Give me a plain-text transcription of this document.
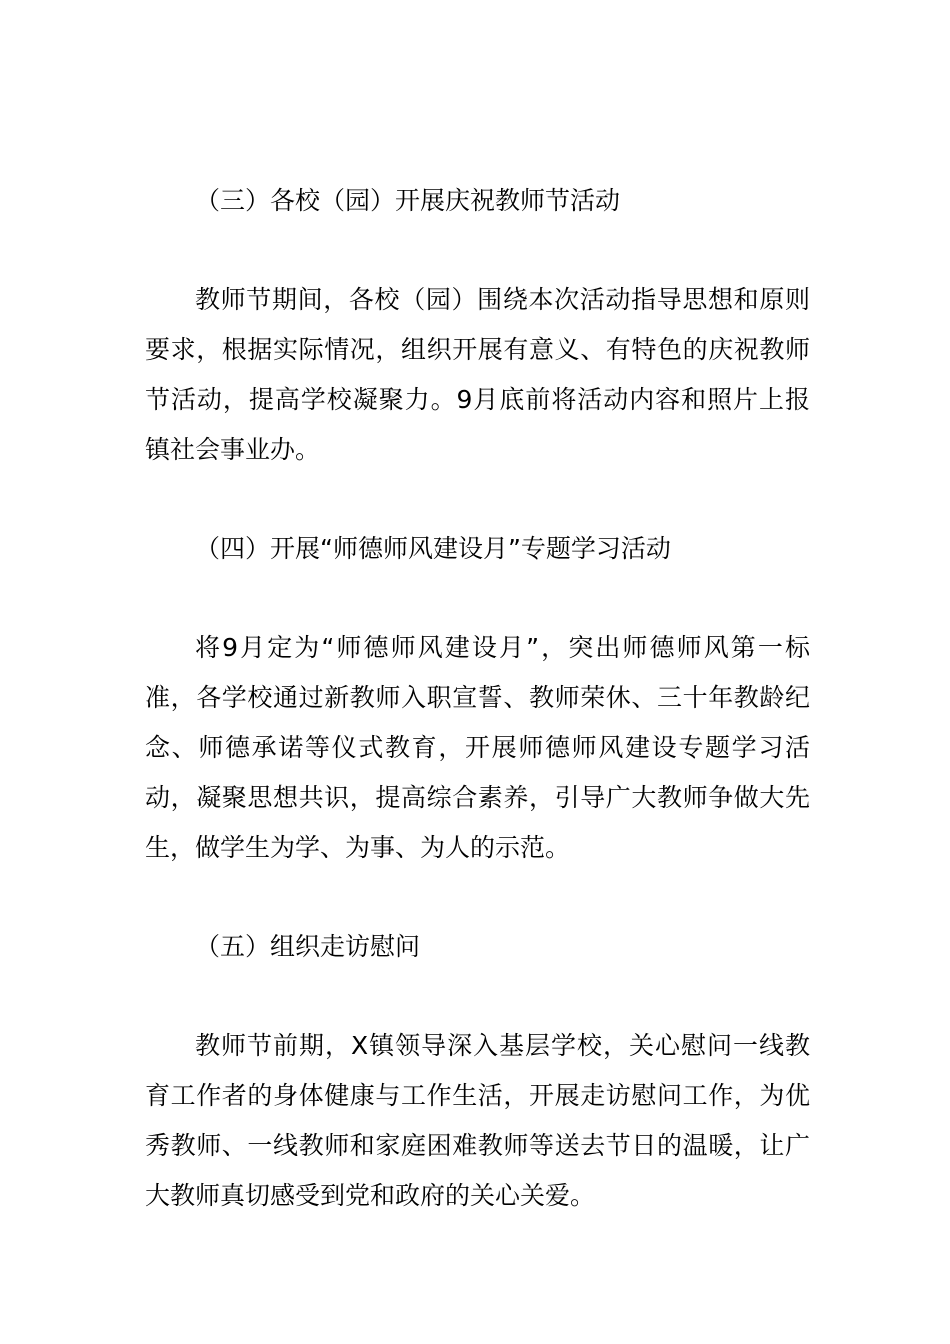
（三）各校（园）开展庆祝教师节活动
教师节期间，各校（园）围绕本次活动指导思想和原则要求，根据实际情况，组织开展有意义、有特色的庆祝教师节活动，提高学校凝聚力。9月底前将活动内容和照片上报镇社会事业办。
（四）开展“师德师风建设月”专题学习活动
将9月定为“师德师风建设月”，突出师德师风第一标准，各学校通过新教师入职宣誓、教师荣休、三十年教龄纪念、师德承诺等仪式教育，开展师德师风建设专题学习活动，凝聚思想共识，提高综合素养，引导广大教师争做大先生，做学生为学、为事、为人的示范。
（五）组织走访慰问
教师节前期，X镇领导深入基层学校，关心慰问一线教育工作者的身体健康与工作生活，开展走访慰问工作，为优秀教师、一线教师和家庭困难教师等送去节日的温暖，让广大教师真切感受到党和政府的关心关爱。
